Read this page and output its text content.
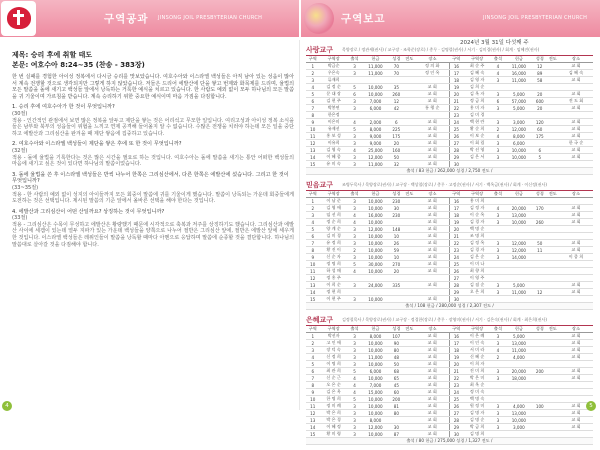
구역공과 JINSONG JOIL PRESBYTERIAN CHURCH	구역보고	JINSONG JOIL PRESBYTERIAN CHURCH
2024년 3월 31일 다섯째 주
제목: 승리 후에 취할 태도
본문: 여호수아 8:24~35 (찬송 - 383장)
한 번 실패를 경험한 아이성 정복에서 다시금 승리를 맛보았습니다. 여호수아와 이스라엘 백성들은 아직 남아 있는 성읍이 많아서 계속 전쟁할 것으로 생각되지만 그렇게 하지 않았습니다. 저들은 드리어 에발산에 단을 쌓고 번제와 화목제를 드리며, 율법의 모든 말씀을 돌에 새기고 백성들 앞에서 낭독하는 거룩한 예식을 치르고 있습니다. 한 사람도 예외 없이 모두 하나님의 모든 말씀을 귀 기울이며 가르침을 받습니다. 계속 승리하기 위한 중요한 예식이며 마음 가짐을 다짐합니다.
1. 승리 후에 여호수아가 한 것이 무엇입니까?
(30절)
적용 - 인간적인 관점에서 보면 많은 정복을 앞두고 제단을 쌓는 것은 어리석고 무모한 일입니다. 여리고성과 아이성 정복 소식을 들은 남부와 북부의 성읍들이 위협을 느끼고 연제 공격해 들어올지 알 수 없습니다. 수많은 전쟁을 치러야 하는데 모든 일을 중단하고 에발산과 그리심산을 완겨을 때 제단 쌓음에 집중하고 있습니다.
2. 여호수아와 이스라엘 백성들이 제단을 쌓은 후에 또 한 것이 무엇입니까?
(32절)
적용 - 돌에 율법을 기록한다는 것은 많은 시간을 필요로 하는 것입니다. 여호수아는 돌에 말씀을 새기는 통안 어떠한 백성들의 마음에 새기고 싶은 것이 있다면 하나님의 말씀이었습니다.
3. 돌에 율법을 쓴 후 이스라엘 백성들은 반씩 나누어 한쪽은 그리심산에서, 다른 한쪽은 에발산에 섰습니다. 그리고 한 것이 무엇입니까?
(33~35절)
적용 - 한 사람의 예외 없이 성지의 아이들까지 모든 회중이 말씀에 귀를 기울이게 했습니다. 말씀이 낭독되는 가운데 회중들에게 도전하는 것은 선택입니다. 제시된 말씀의 기준 앞에서 올바른 선택을 해야 한다는 것입니다.
4. 에발산과 그리심산이 어떤 산일까요? 상징하는 것이 무엇입니까?
(33절)
적용 - 그리심산은 수목이 무성하고 에발산은 황량했기 때문에 시각적으로 축복과 저주를 상징하기도 했습니다. 그리심산과 에발산 사이에 세겜이 있는데 열두 지파가 있는 가운데 백성들을 양쪽으로 나누어 절반은 그리심산 앞에, 절반은 에발산 앞에 세우게 한 것입니다. 이스라엘 백성들은 레위인들이 말씀을 낭독할 때마다 아멘으로 응답하며 말씀에 순종할 것을 결단합니다. 하나님의 말씀대로 살아갈 것을 다짐해야 합니다.
사랑교구	목양장로 / 정관세(권사) / 교구장 · 조학준(장로) / 총무 · 김명렬(권사) / 서기 · 김미경(권사) / 회계 · 임혜진(권사)
구역	구역장	출석	헌금	성경	전도	장소	구역	구역장	출석	헌금	성경	전도	장소
1	박금순	3	11,000	70		정 의 화	16	최 순 주	4	11,000	12		교 회
2	우은숙	3	11,000	70		정 인 옥	17	김 혜 숙	4	16,000	89		김 혜 숙
3	류재희						18	김 영 자	3	11,000	58		교 회
4	김 정 순	5	10,000	35		교 회	19	김 희 순					
5	문 대 장	6	10,000	260		교 회	20	김 옥 자	3	5,000	20		교 회
6	김 현 주	3	7,000	12		교 회	21	정 금 희	6	57,000	600		전 도 회
7	박봉연	3	6,000	42		통 행 순	22	홍 미 자	3	5,000	20		교 회
8	한은정						23	김 미 경					
9	이은미	4	2,000	6		교 회	24	백 현 란	3	3,000	120		교 회
10	유제선	5	8,000	225		교 회	25	황 순 희	2	12,000	60		교 회
11	홍 보 성	3	9,000	175		교 회	26	이 보 순	4	8,000	175		교 회
12	이유희	3	9,000	20		교 회	27	이 회 림	3	6,000			한 국 순
13	김 영 숙	4	25,000	160		교 회	28	박 선 영	3	10,000	6		교 회
14	이 혜 종	3	12,000	50		교 회	29	김 은 서	3	10,000	5		교 회
15	유 미 숙	3	11,000	32		교 회	30						
출석 / 83 헌금 / 262,000 성경 / 2,750 전도 /													
믿음교구	조병두목사 / 목양장로(권사) / 교구장 · 백상철(장로) / 총무 · 고정순(권사) / 서기 · 백옥금(권사) / 회계 · 이신정(권사)
구역	구역장	출석	헌금	성경	전도	장소	구역	구역장	출석	헌금	성경	전도	장소
1	이 남 준	3	10,000	230		교 회	16	홍 미 희					
2	김 영 애	3	10,000	30		교 회	17	김 정 자	4	20,000	170		교 회
3	임 선 희	4	16,000	230		교 회	18	이 순 옥	3	13,000			교 회
4	정 순 희	4	10,000			교 회	19	김 경 자	3	10,000	260		교 회
5	양 계 순	3	12,000	148		교 회	20	백 명 순					
6	김 미 경	3	10,000	10		교 회	21	조 명 희					
7	유 정 희	3	10,000	26		교 회	22	김 정 옥	3	12,000	50		교 회
8	황 진 이	2	10,000	59		교 회	23	김 경 자	3	12,000	11		교 회
9	신 순 자	3	10,000	10		교 회	24	김 은 순	3	14,000			이 종 희
10	정 명 희	5	30,000	270		교 회	25	이 미 나					
11	하 성 매	4	10,000	20		교 회	26	최 향 희					
12	정 홍 주						27	이 영 주					
13	이 희 순	3	24,000	335		교 회	28	김 점 순	3	5,000			교 회
14	정 현 희						29	오 은 희	3	11,000	12		교 회
15	이 현 주	3	10,000			교 회	30						
출석 / 108 헌금 / 280,000 성경 / 2,307 전도 /													
은혜교구	김정철목사 / 목양장로(권사) / 교구장 · 정경한(장로) / 총무 · 장영미(권사) / 서기 · 김은숙(권사) / 회계 · 최은희(권사)
구역	구역장	출석	헌금	성경	전도	장소	구역	구역장	출석	헌금	성경	전도	장소
1	박선자	3	8,000	107		교 회	16	이 은 례	3	5,000			교 회
2	고 인 애	3	10,000	90		교 회	17	이 인 숙	3	13,000			교 회
3	장 덕 숙	3	10,000	80		교 회	18	서 미 라	4	11,000			교 회
4	신 정 희	3	11,000	48		교 회	19	신 혜 순	2	4,000			교 회
5	이 명 희	3	10,000	50		교 회	20	이 희 자					
6	최 관 희	5	6,000	68		교 회	21	진 미 희	3	20,000	200		교 회
7	신 순 근	4	10,000	65		교 회	22	박 은 미	3	18,000			교 회
8	오 은 순	4	7,000	45		교 회	23	최 옥 순					
9	김 은 옥	4	15,000	60		교 회	24	정 미 숙					
10	한 명 희	5	10,000	200		교 회	25	백 명 숙					
11	정 미 례	3	10,000	81		교 회	26	원 정 미	3	4,000	100		교 회
12	박 은 희	3	10,000	80		교 회	27	김 명 자	3	13,000			교 회
13	박 은 경	3	8,000			교 회	28	김 명 순	3	10,000			교 회
14	이 혜 정	3	12,000	30		교 회	29	박 금 희	3	3,000			교 회
15	황 미 령	3	10,000	87		교 회	30	김 명 희					
출석 / 80 헌금 / 275,000 성경 / 1,327 전도 /													
4	5
